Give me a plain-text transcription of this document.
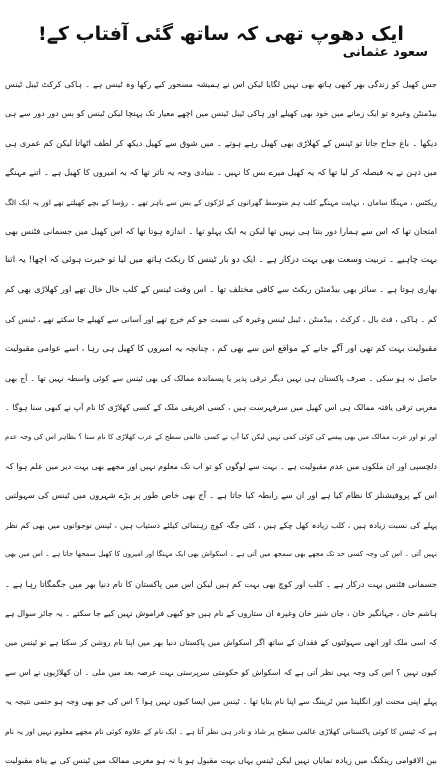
ایک دھوپ تھی کہ ساتھ گئی آفتاب کے!
سعود عثمانی
جس کھیل کو زندگی بھر کبھی ہاتھ بھی نہیں لگایا لیکن اس نے ہمیشہ مسحور کیے رکھا وہ ٹینس ہے ۔ ہاکی کرکٹ ٹیبل ٹینس
بیڈمنٹن وغیرہ تو ایک زمانے میں خود بھی کھیلے اور ہاکی ٹیبل ٹینس میں اچھے معیار تک پہنچا لیکن ٹینس کو بس دور دور سے ہی
دیکھا ۔ باغ جناح جاتا تو ٹینس کے کھلاڑی بھی کھیل رہے ہوتے ۔ میں شوق سے کھیل دیکھ کر لطف اٹھاتا لیکن کم عمری ہی
میں ذہن نے یہ فیصلہ کر لیا تھا کہ یہ کھیل میرے بس کا نہیں ۔ بنیادی وجہ یہ تاثر تھا کہ یہ امیروں کا کھیل ہے ۔ اتنے مہنگے
ریکٹس ، مہنگا سامان ، نہایت مہنگے کلب ہم متوسط گھرانوں کے لڑکوں کے بس سے باہر تھے ۔ رؤسا کے بچے کھیلتے تھے اور یہ ایک الگ
امتحان تھا کہ اس سے ہمارا دور بنتا ہی نہیں تھا لیکن یہ ایک پہلو تھا ۔ اندازہ ہوتا تھا کہ اس کھیل میں جسمانی فٹنس بھی
بہت چاہیے ۔ تربیت وسعت بھی بہت درکار ہے ۔ ایک دو بار ٹینس کا ریکٹ ہاتھ میں لیا تو حیرت ہوئی کہ اچھا! یہ اتنا
بھاری ہوتا ہے ۔ سائز بھی بیڈمنٹن ریکٹ سے کافی مختلف تھا ۔ اس وقت ٹینس کے کلب خال خال تھے اور کھلاڑی بھی کم
کم ۔ ہاکی ، فٹ بال ، کرکٹ ، بیڈمنٹن ، ٹیبل ٹینس وغیرہ کی نسبت جو کم خرچ تھے اور آسانی سے کھیلے جا سکتے تھے ، ٹینس کی
مقبولیت بہت کم تھی اور آگے جانے کے مواقع اس سے بھی کم ، چنانچہ یہ امیروں کا کھیل ہی رہا ، اسے عوامی مقبولیت
حاصل نہ ہو سکی ۔ صرف پاکستان ہی نہیں دیگر ترقی پذیر یا پسماندہ ممالک کی بھی ٹینس سے کوئی واسطہ نہیں تھا ۔ آج بھی
مغربی ترقی یافتہ ممالک ہی اس کھیل میں سرفہرست ہیں ، کسی افریقی ملک کے کسی کھلاڑی کا نام آپ نے کبھی سنا ہوگا ۔
اور تو اور عرب ممالک میں بھی پیسے کی کوئی کمی نہیں لیکن کیا آپ نے کسی عالمی سطح کے عرب کھلاڑی کا نام سنا ؟ بظاہر اس کی وجہ عدم
دلچسپی اور ان ملکوں میں عدم مقبولیت ہے ۔ بہت سے لوگوں کو تو اب تک معلوم نہیں اور مجھے بھی بہت دیر میں علم ہوا کہ
اس کے پروفیشنلز کا نظام کیا ہے اور ان سے رابطہ کیا جاتا ہے ۔ آج بھی خاص طور پر بڑے شہروں میں ٹینس کی سہولتیں
پہلے کی نسبت زیادہ ہیں ، کلب زیادہ کھل چکے ہیں ، کئی جگہ کوچ رہنمائی کیلئے دستیاب ہیں ، ٹینس نوجوانوں میں بھی کم نظر
نہیں آتی ۔ اس کی وجہ کسی حد تک مجھے بھی سمجھ میں آتی ہے ۔ اسکواش بھی ایک مہنگا اور امیروں کا کھیل سمجھا جاتا ہے ۔ اس میں بھی
جسمانی فٹنس بہت درکار ہے ۔ کلب اور کوچ بھی بہت کم ہیں لیکن اس میں پاکستان کا نام دنیا بھر میں جگمگاتا رہا ہے ۔
ہاشم خان ، جہانگیر خان ، جان شیر خان وغیرہ ان ستاروں کے نام ہیں جو کبھی فراموش نہیں کیے جا سکتے ۔ یہ جائز سوال ہے
کہ اسی ملک اور انھی سہولتوں کے فقدان کے ساتھ اگر اسکواش میں پاکستان دنیا بھر میں اپنا نام روشن کر سکتا ہے تو ٹینس میں
کیوں نہیں ؟ اس کی وجہ یہی نظر آتی ہے کہ اسکواش کو حکومتی سرپرستی بہت عرصہ بعد میں ملی ۔ ان کھلاڑیوں نے اس سے
پہلے اپنی محنت اور انگلینڈ میں ٹریننگ سے اپنا نام بنایا تھا ۔ ٹینس میں ایسا کیوں نہیں ہوا ؟ اس کی جو بھی وجہ ہو حتمی نتیجہ یہ
ہے کہ ٹینس کا کوئی پاکستانی کھلاڑی عالمی سطح پر شاذ و نادر ہی نظر آتا ہے ۔ ایک نام کے علاوہ کوئی نام مجھے معلوم نہیں اور یہ نام
بین الاقوامی رینکنگ میں زیادہ نمایاں نہیں لیکن ٹینس یہاں بہت مقبول ہو یا نہ ہو مغربی ممالک میں ٹینس کی بے پناہ مقبولیت
